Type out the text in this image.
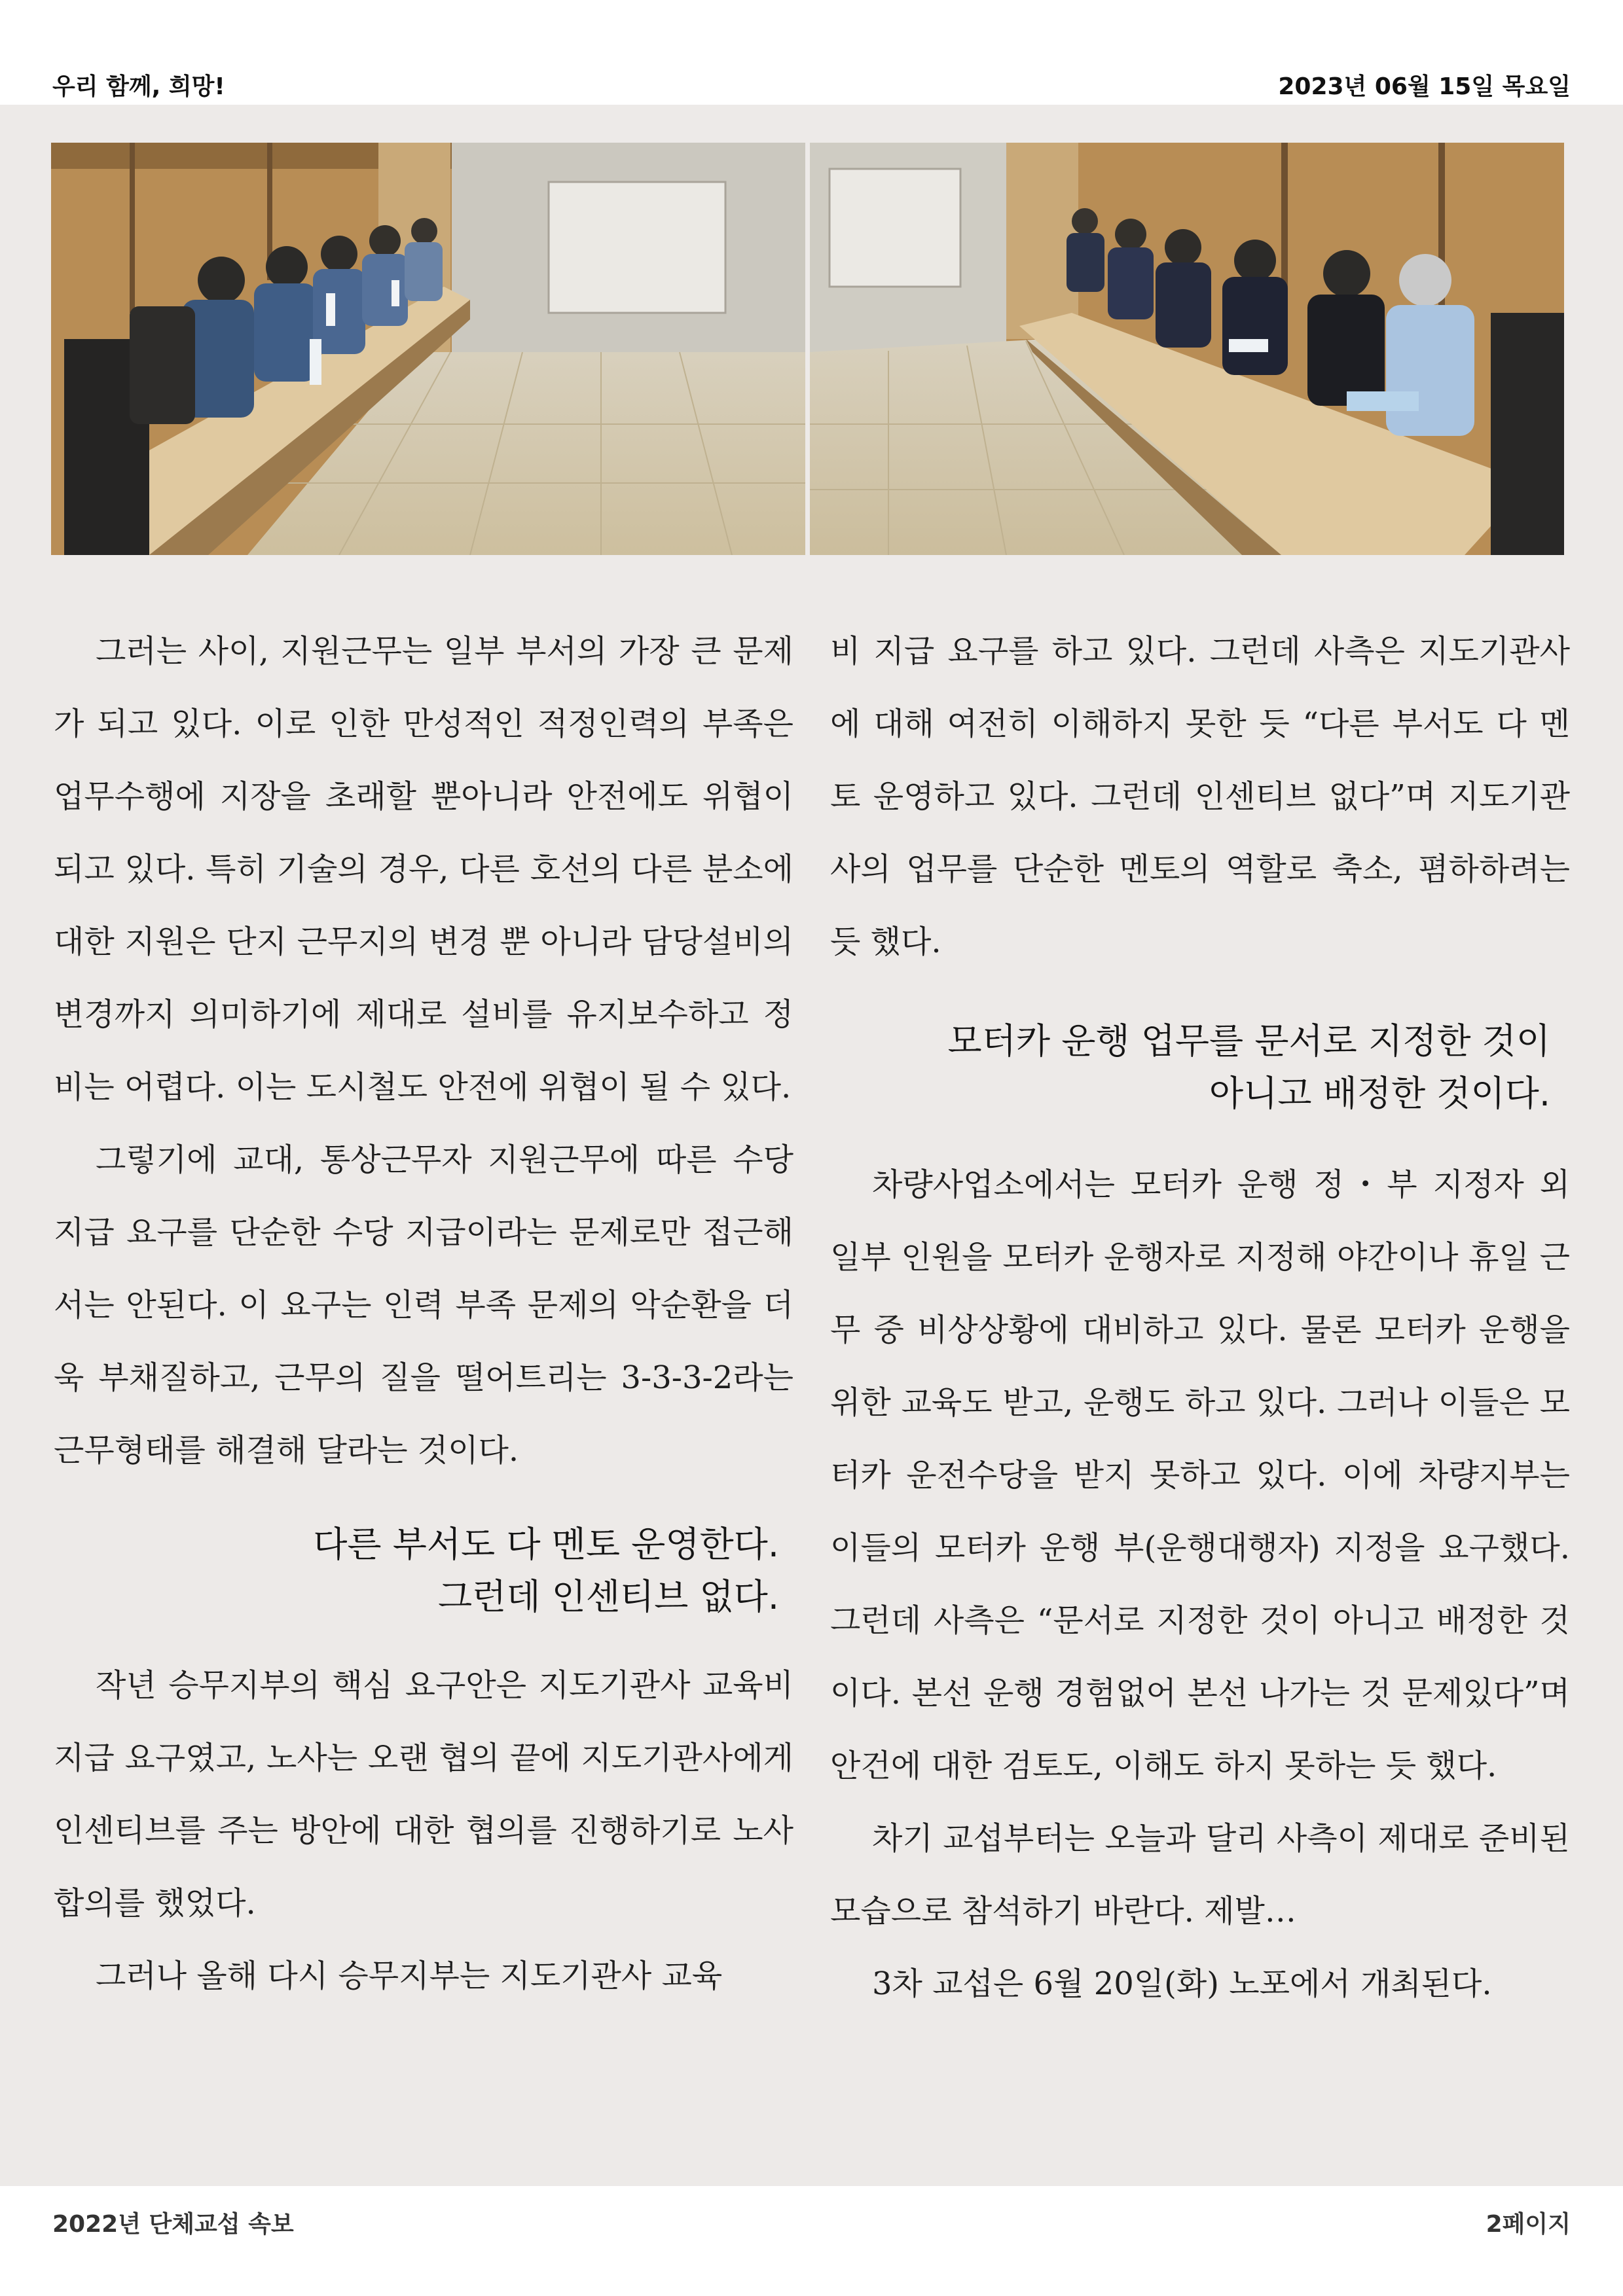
우리 함께, 희망!	2023년 06월 15일 목요일

그러는 사이, 지원근무는 일부 부서의 가장 큰 문제가 되고 있다. 이로 인한 만성적인 적정인력의 부족은 업무수행에 지장을 초래할 뿐아니라 안전에도 위협이 되고 있다. 특히 기술의 경우, 다른 호선의 다른 분소에 대한 지원은 단지 근무지의 변경 뿐 아니라 담당설비의 변경까지 의미하기에 제대로 설비를 유지보수하고 정비는 어렵다. 이는 도시철도 안전에 위협이 될 수 있다.

그렇기에 교대, 통상근무자 지원근무에 따른 수당 지급 요구를 단순한 수당 지급이라는 문제로만 접근해서는 안된다. 이 요구는 인력 부족 문제의 악순환을 더욱 부채질하고, 근무의 질을 떨어트리는 3-3-3-2라는 근무형태를 해결해 달라는 것이다.

다른 부서도 다 멘토 운영한다.
그런데 인센티브 없다.

작년 승무지부의 핵심 요구안은 지도기관사 교육비 지급 요구였고, 노사는 오랜 협의 끝에 지도기관사에게 인센티브를 주는 방안에 대한 협의를 진행하기로 노사합의를 했었다.

그러나 올해 다시 승무지부는 지도기관사 교육

비 지급 요구를 하고 있다. 그런데 사측은 지도기관사에 대해 여전히 이해하지 못한 듯 “다른 부서도 다 멘토 운영하고 있다. 그런데 인센티브 없다”며 지도기관사의 업무를 단순한 멘토의 역할로 축소, 폄하하려는 듯 했다.

모터카 운행 업무를 문서로 지정한 것이
아니고 배정한 것이다.

차량사업소에서는 모터카 운행 정・부 지정자 외 일부 인원을 모터카 운행자로 지정해 야간이나 휴일 근무 중 비상상황에 대비하고 있다. 물론 모터카 운행을 위한 교육도 받고, 운행도 하고 있다. 그러나 이들은 모터카 운전수당을 받지 못하고 있다. 이에 차량지부는 이들의 모터카 운행 부(운행대행자) 지정을 요구했다. 그런데 사측은 “문서로 지정한 것이 아니고 배정한 것이다. 본선 운행 경험없어 본선 나가는 것 문제있다”며 안건에 대한 검토도, 이해도 하지 못하는 듯 했다.

차기 교섭부터는 오늘과 달리 사측이 제대로 준비된 모습으로 참석하기 바란다. 제발…

3차 교섭은 6월 20일(화) 노포에서 개최된다.

2022년 단체교섭 속보	2페이지
